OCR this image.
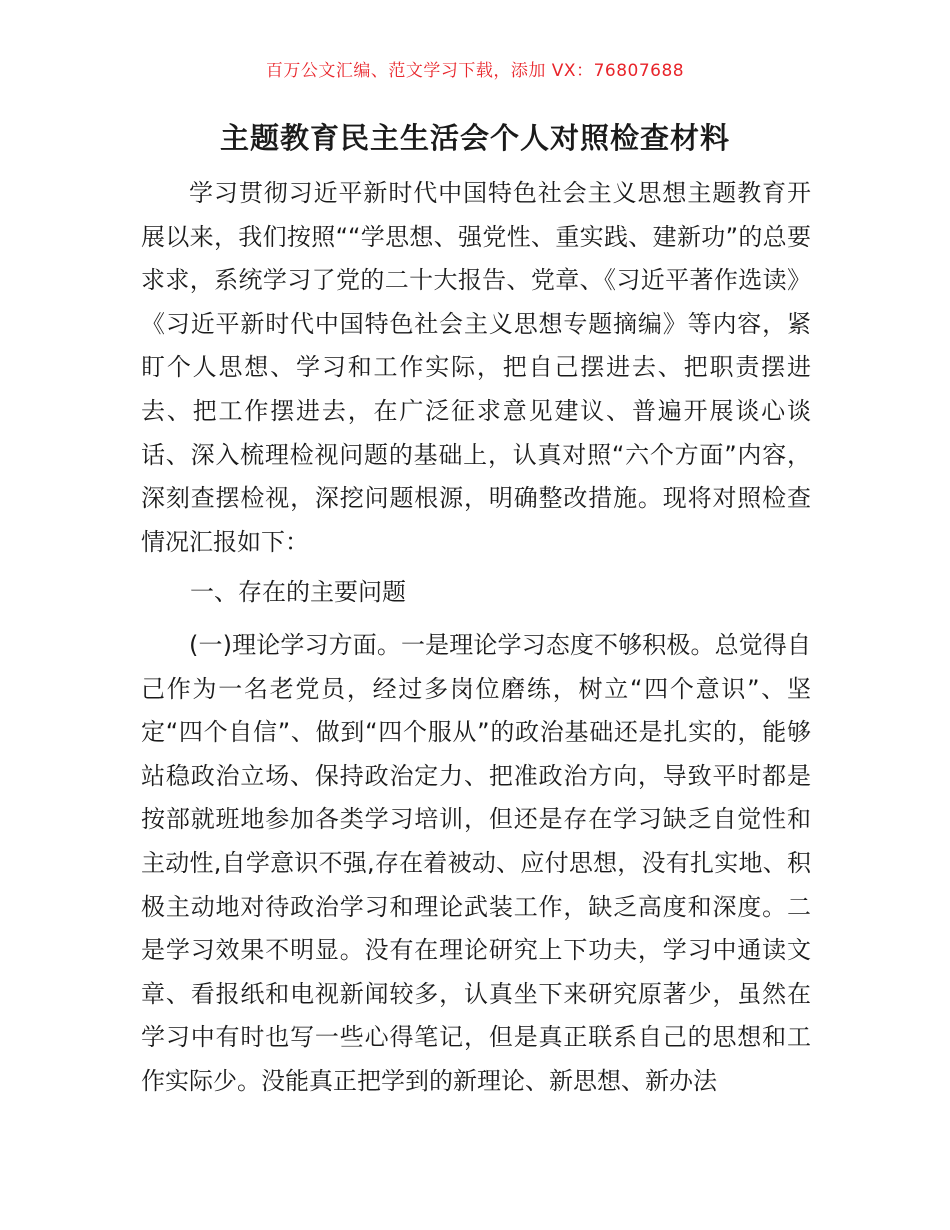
百万公文汇编、范文学习下载，添加 VX：76807688
主题教育民主生活会个人对照检查材料

学习贯彻习近平新时代中国特色社会主义思想主题教育开展以来，我们按照““学思想、强党性、重实践、建新功”的总要求求，系统学习了党的二十大报告、党章、《习近平著作选读》《习近平新时代中国特色社会主义思想专题摘编》等内容，紧盯个人思想、学习和工作实际，把自己摆进去、把职责摆进去、把工作摆进去，在广泛征求意见建议、普遍开展谈心谈话、深入梳理检视问题的基础上，认真对照“六个方面”内容，深刻查摆检视，深挖问题根源，明确整改措施。现将对照检查情况汇报如下：

一、存在的主要问题

(一)理论学习方面。一是理论学习态度不够积极。总觉得自己作为一名老党员，经过多岗位磨练，树立“四个意识”、坚定“四个自信”、做到“四个服从”的政治基础还是扎实的，能够站稳政治立场、保持政治定力、把准政治方向，导致平时都是按部就班地参加各类学习培训，但还是存在学习缺乏自觉性和主动性,自学意识不强,存在着被动、应付思想，没有扎实地、积极主动地对待政治学习和理论武装工作，缺乏高度和深度。二是学习效果不明显。没有在理论研究上下功夫，学习中通读文章、看报纸和电视新闻较多，认真坐下来研究原著少，虽然在学习中有时也写一些心得笔记，但是真正联系自己的思想和工作实际少。没能真正把学到的新理论、新思想、新办法
